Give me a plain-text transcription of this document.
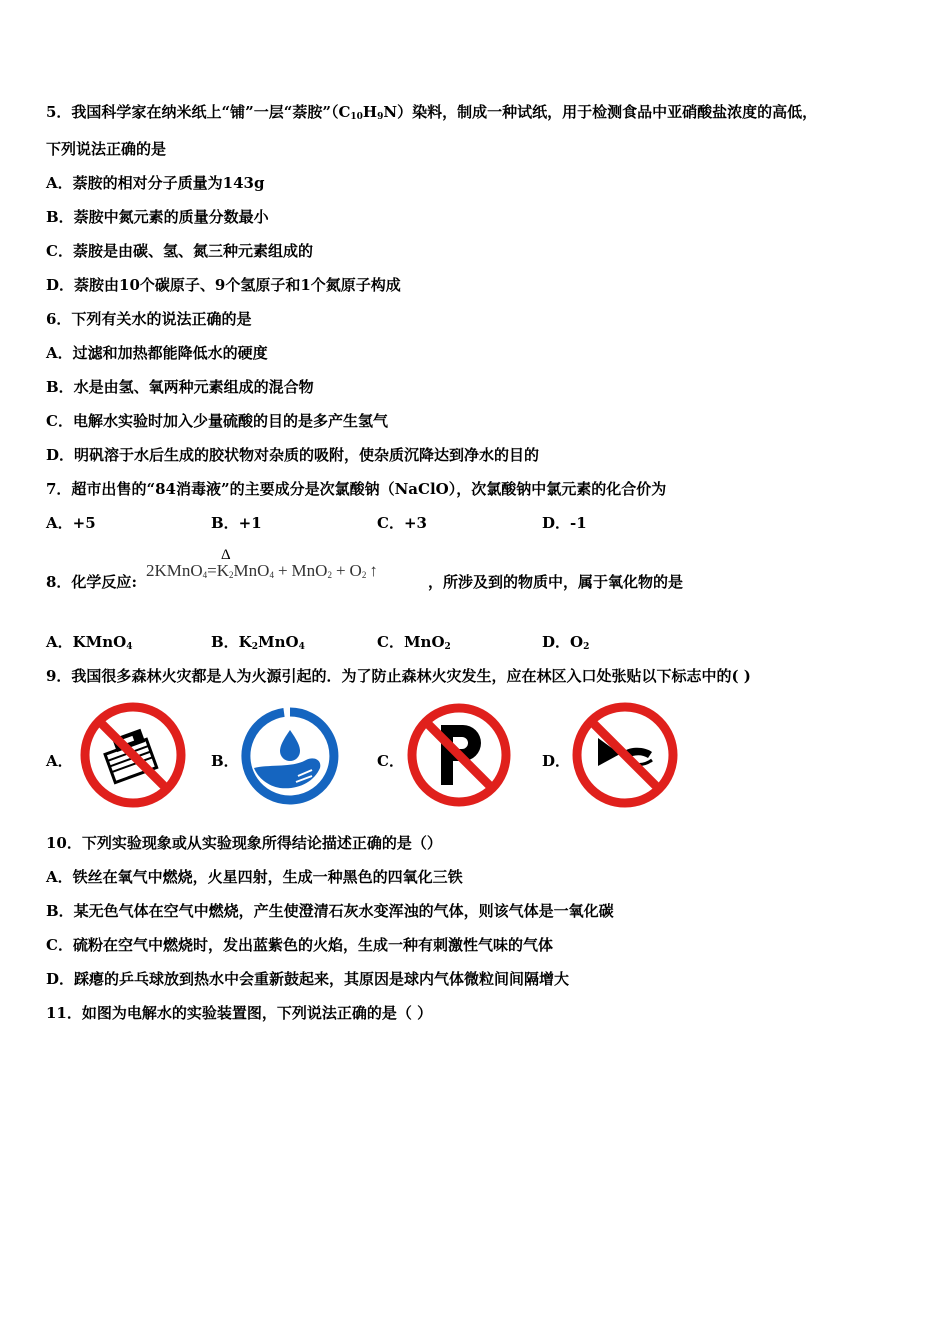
5．我国科学家在纳米纸上“铺”一层“萘胺$”(C_{10}H_9N)$染料，制成一种试纸，用于检测食品中亚硝酸盐浓度的高低，
下列说法正确的是
A．萘胺的相对分子质量为143g
B．萘胺中氮元素的质量分数最小
C．萘胺是由碳、氢、氮三种元素组成的
D．萘胺由10个碳原子、9个氢原子和1个氮原子构成
6．下列有关水的说法正确的是
A．过滤和加热都能降低水的硬度
B．水是由氢、氧两种元素组成的混合物
C．电解水实验时加入少量硫酸的目的是多产生氢气
D．明矾溶于水后生成的胶状物对杂质的吸附，使杂质沉降达到净水的目的
7．超市出售的“84消毒液”的主要成分是次氯酸钠（NaClO），次氯酸钠中氯元素的化合价为
A．+5	B．+1	C．+3	D．-1
8．化学反应:
Δ
$2KMnO_4=K_2MnO_4 + MnO_2 + O_2$ ↑
，所涉及到的物质中，属于氧化物的是
A．KMnO$_4$	B．$K_2MnO_4$	C．MnO$_2$	D．$O_2$
9．我国很多森林火灾都是人为火源引起的．为了防止森林火灾发生，应在林区入口处张贴以下标志中的( )
A．	B．	C．	D．
10．下列实验现象或从实验现象所得结论描述正确的是（）
A．铁丝在氧气中燃烧，火星四射，生成一种黑色的四氧化三铁
B．某无色气体在空气中燃烧，产生使澄清石灰水变浑浊的气体，则该气体是一氧化碳
C．硫粉在空气中燃烧时，发出蓝紫色的火焰，生成一种有刺激性气味的气体
D．踩瘪的乒乓球放到热水中会重新鼓起来，其原因是球内气体微粒间间隔增大
11．如图为电解水的实验装置图，下列说法正确的是（ ）
